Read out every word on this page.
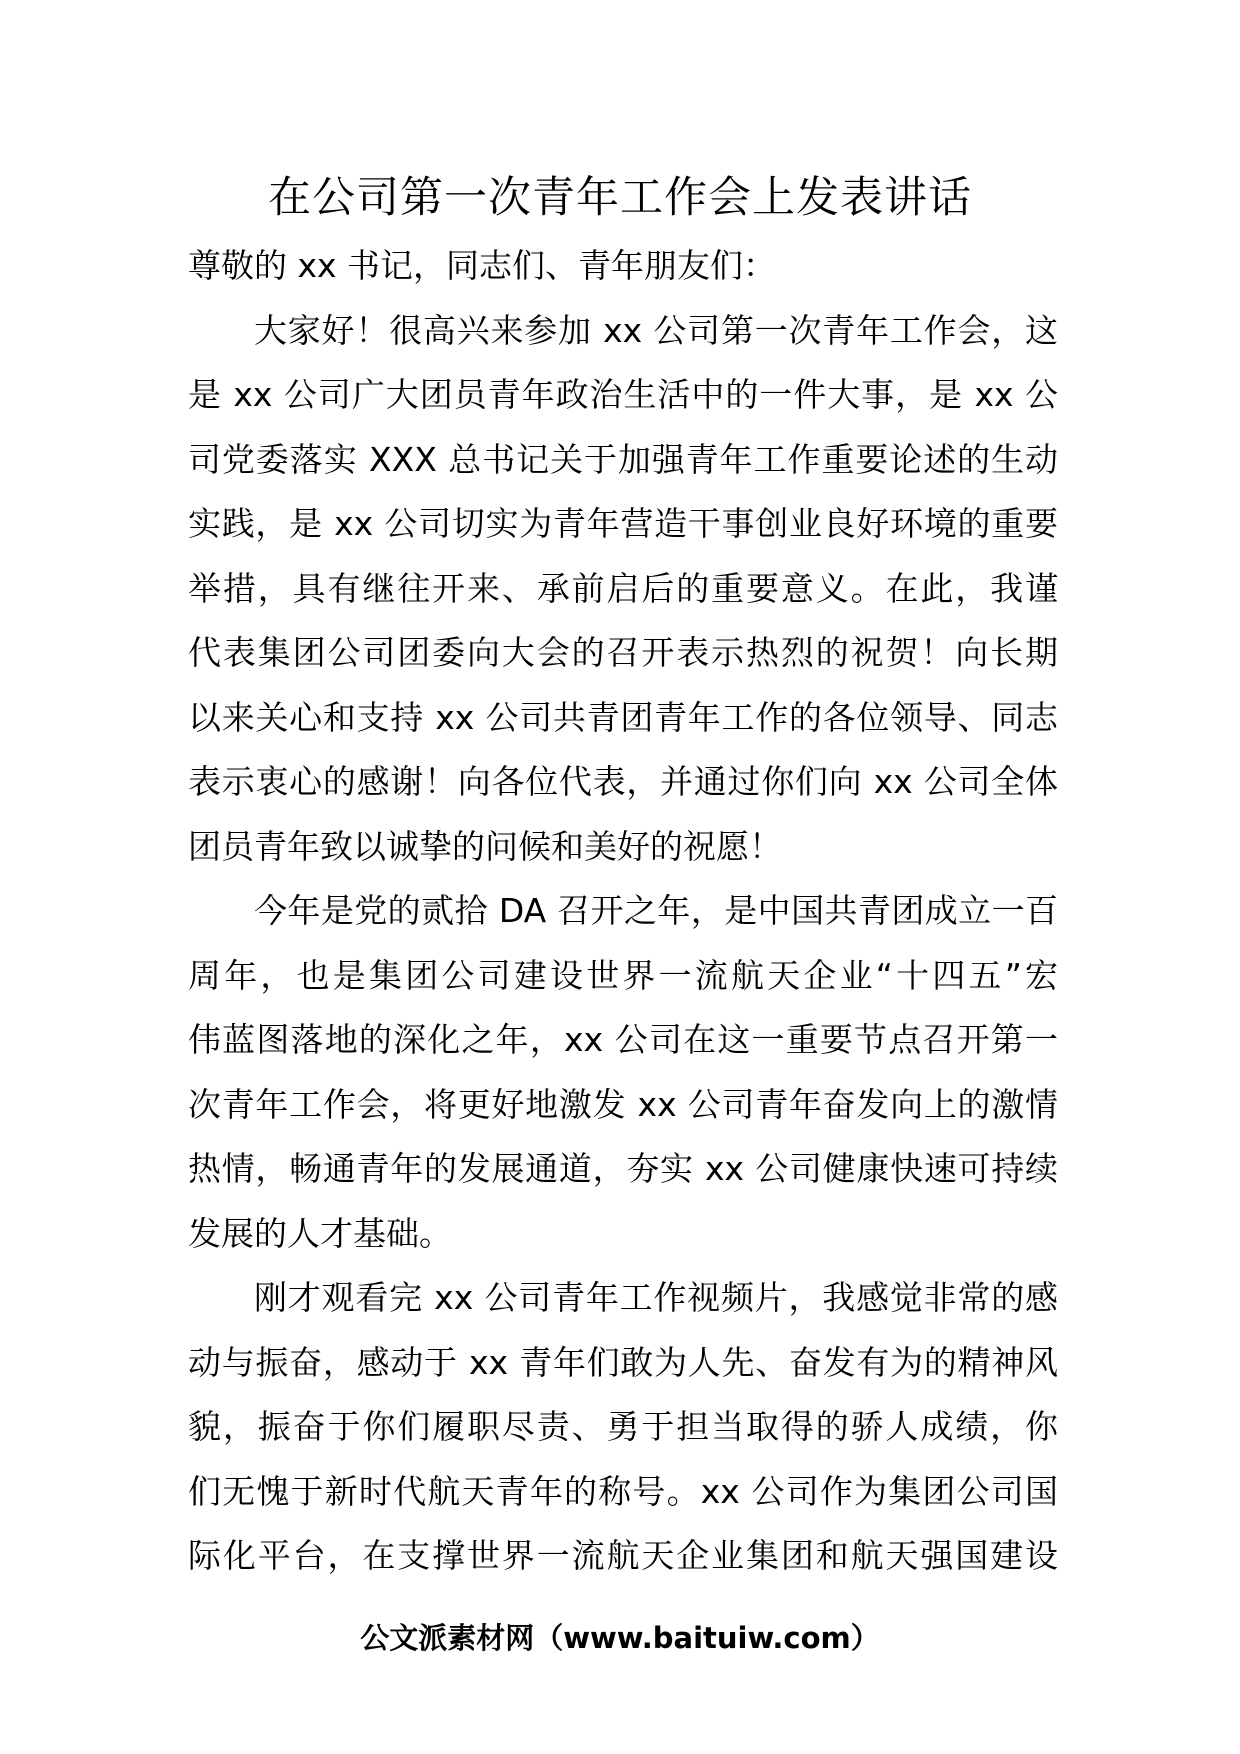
在公司第一次青年工作会上发表讲话
尊敬的 xx 书记，同志们、青年朋友们：
大家好！很高兴来参加 xx 公司第一次青年工作会，这
是 xx 公司广大团员青年政治生活中的一件大事，是 xx 公
司党委落实 XXX 总书记关于加强青年工作重要论述的生动
实践，是 xx 公司切实为青年营造干事创业良好环境的重要
举措，具有继往开来、承前启后的重要意义。在此，我谨
代表集团公司团委向大会的召开表示热烈的祝贺！向长期
以来关心和支持 xx 公司共青团青年工作的各位领导、同志
表示衷心的感谢！向各位代表，并通过你们向 xx 公司全体
团员青年致以诚挚的问候和美好的祝愿！
今年是党的贰拾 DA 召开之年，是中国共青团成立一百
周年，也是集团公司建设世界一流航天企业“十四五”宏
伟蓝图落地的深化之年，xx 公司在这一重要节点召开第一
次青年工作会，将更好地激发 xx 公司青年奋发向上的激情
热情，畅通青年的发展通道，夯实 xx 公司健康快速可持续
发展的人才基础。
刚才观看完 xx 公司青年工作视频片，我感觉非常的感
动与振奋，感动于 xx 青年们敢为人先、奋发有为的精神风
貌，振奋于你们履职尽责、勇于担当取得的骄人成绩，你
们无愧于新时代航天青年的称号。xx 公司作为集团公司国
际化平台，在支撑世界一流航天企业集团和航天强国建设
公文派素材网（www.baituiw.com）
